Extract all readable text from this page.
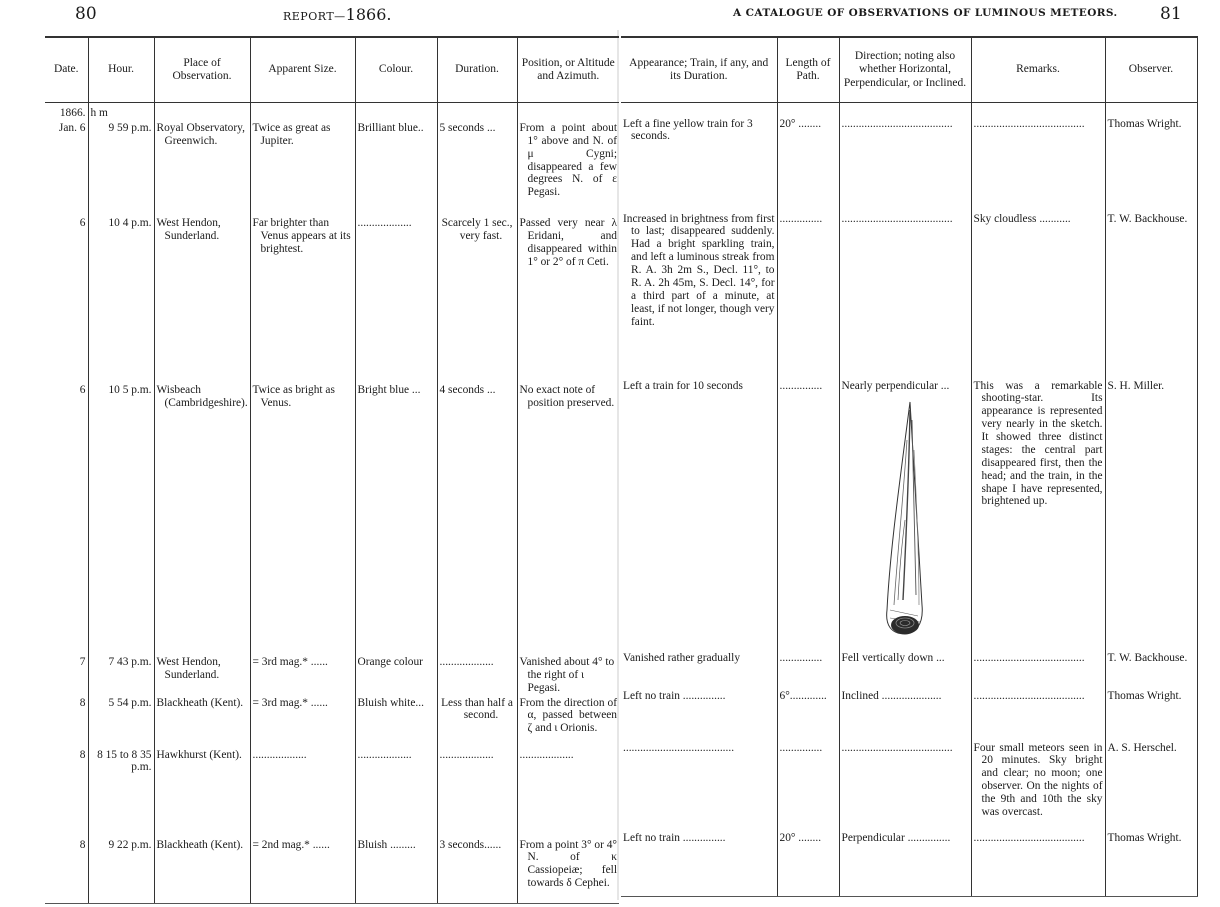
80	REPORT—1866.	A CATALOGUE OF OBSERVATIONS OF LUMINOUS METEORS. 81
Date.	Hour.	Place of Observation.	Apparent Size.	Colour.	Duration.	Position, or Altitude and Azimuth.
1866.	h m					
Jan. 6	9 59 p.m.	Royal Observatory, Greenwich.	Twice as great as Jupiter.	Brilliant blue..	5 seconds ...	From a point about 1° above and N. of μ Cygni; disappeared a few degrees N. of ε Pegasi.
6	10 4 p.m.	West Hendon, Sunderland.	Far brighter than Venus appears at its brightest.	...................	Scarcely 1 sec., very fast.	Passed very near λ Eridani, and disappeared within 1° or 2° of π Ceti.
6	10 5 p.m.	Wisbeach (Cambridgeshire).	Twice as bright as Venus.	Bright blue ...	4 seconds ...	No exact note of position preserved.
7	7 43 p.m.	West Hendon, Sunderland.	= 3rd mag.* ......	Orange colour	...................	Vanished about 4° to the right of ι Pegasi.
8	5 54 p.m.	Blackheath (Kent).	= 3rd mag.* ......	Bluish white...	Less than half a second.	From the direction of α, passed between ζ and ι Orionis.
8	8 15 to 8 35 p.m.	Hawkhurst (Kent).	...................	...................	...................	...................
8	9 22 p.m.	Blackheath (Kent).	= 2nd mag.* ......	Bluish .........	3 seconds......	From a point 3° or 4° N. of κ Cassiopeiæ; fell towards δ Cephei.
Appearance; Train, if any, and its Duration.	Length of Path.	Direction; noting also whether Horizontal, Perpendicular, or Inclined.	Remarks.	Observer.

Left a fine yellow train for 3 seconds.	20° ........	.......................................	.......................................	Thomas Wright.
Increased in brightness from first to last; disappeared suddenly. Had a bright sparkling train, and left a luminous streak from R. A. 3h 2m S., Decl. 11°, to R. A. 2h 45m, S. Decl. 14°, for a third part of a minute, at least, if not longer, though very faint.	...............	.......................................	Sky cloudless ...........	T. W. Backhouse.
Left a train for 10 seconds	...............	Nearly perpendicular ...	This was a remarkable shooting-star. Its appearance is represented very nearly in the sketch. It showed three distinct stages: the central part disappeared first, then the head; and the train, in the shape I have represented, brightened up.	S. H. Miller.
Vanished rather gradually	...............	Fell vertically down ...	.......................................	T. W. Backhouse.
Left no train ...............	6°.............	Inclined .....................	.......................................	Thomas Wright.
.......................................	...............	.......................................	Four small meteors seen in 20 minutes. Sky bright and clear; no moon; one observer. On the nights of the 9th and 10th the sky was overcast.	A. S. Herschel.
Left no train ...............	20° ........	Perpendicular ...............	.......................................	Thomas Wright.
